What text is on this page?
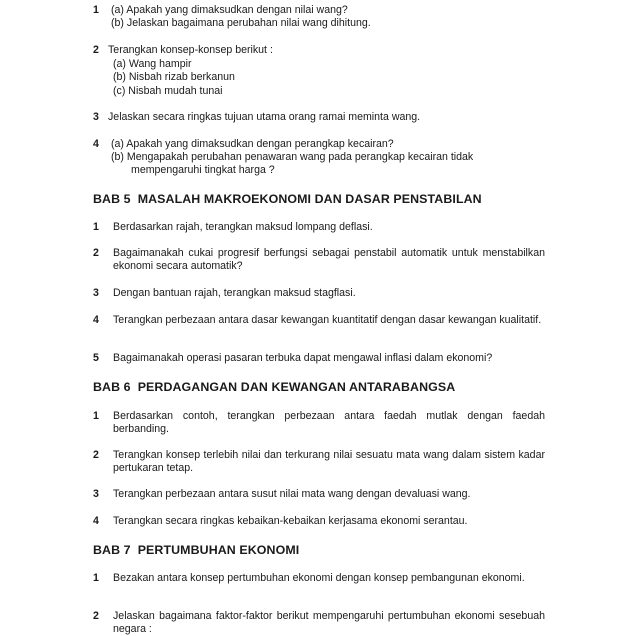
1 (a) Apakah yang dimaksudkan dengan nilai wang?
(b) Jelaskan bagaimana perubahan nilai wang dihitung.
2 Terangkan konsep-konsep berikut :
(a) Wang hampir
(b) Nisbah rizab berkanun
(c) Nisbah mudah tunai
3 Jelaskan secara ringkas tujuan utama orang ramai meminta wang.
4 (a) Apakah yang dimaksudkan dengan perangkap kecairan?
(b) Mengapakah perubahan penawaran wang pada perangkap kecairan tidak
mempengaruhi tingkat harga ?
BAB 5 MASALAH MAKROEKONOMI DAN DASAR PENSTABILAN
1 Berdasarkan rajah, terangkan maksud lompang deflasi.
2 Bagaimanakah cukai progresif berfungsi sebagai penstabil automatik untuk menstabilkan ekonomi secara automatik?
3 Dengan bantuan rajah, terangkan maksud stagflasi.
4 Terangkan perbezaan antara dasar kewangan kuantitatif dengan dasar kewangan kualitatif.
5 Bagaimanakah operasi pasaran terbuka dapat mengawal inflasi dalam ekonomi?
BAB 6 PERDAGANGAN DAN KEWANGAN ANTARABANGSA
1 Berdasarkan contoh, terangkan perbezaan antara faedah mutlak dengan faedah berbanding.
2 Terangkan konsep terlebih nilai dan terkurang nilai sesuatu mata wang dalam sistem kadar pertukaran tetap.
3 Terangkan perbezaan antara susut nilai mata wang dengan devaluasi wang.
4 Terangkan secara ringkas kebaikan-kebaikan kerjasama ekonomi serantau.
BAB 7 PERTUMBUHAN EKONOMI
1 Bezakan antara konsep pertumbuhan ekonomi dengan konsep pembangunan ekonomi.
2 Jelaskan bagaimana faktor-faktor berikut mempengaruhi pertumbuhan ekonomi sesebuah negara :
